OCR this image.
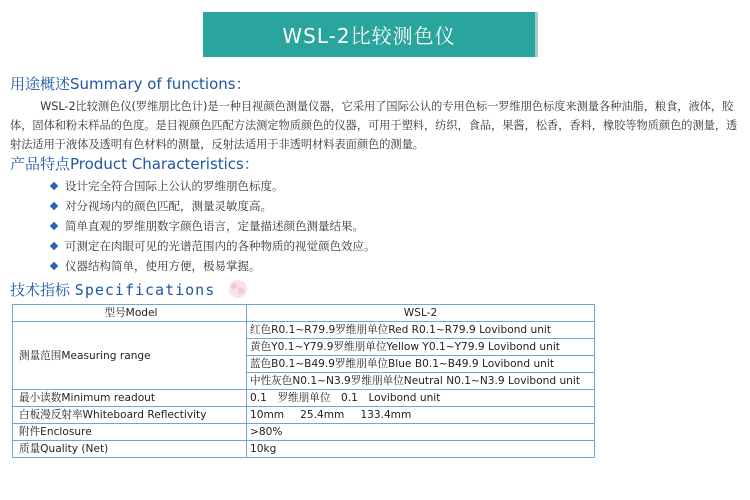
WSL-2比较测色仪
用途概述Summary of functions：
WSL-2比较测色仪(罗维朋比色计)是一种目视颜色测量仪器，它采用了国际公认的专用色标一罗维朋色标度来测量各种油脂，粮食，液体，胶体，固体和粉末样品的色度。是目视颜色匹配方法测定物质颜色的仪器，可用于塑料，纺织，食品，果酱，松香，香料，橡胶等物质颜色的测量，透射法适用于液体及透明有色材料的测量，反射法适用于非透明材料表面颜色的测量。
产品特点Product Characteristics：
设计完全符合国际上公认的罗维朋色标度。
对分视场内的颜色匹配，测量灵敏度高。
简单直观的罗维朋数字颜色语言，定量描述颜色测量结果。
可测定在肉眼可见的光谱范围内的各种物质的视觉颜色效应。
仪器结构简单，使用方便，极易掌握。
技术指标 Specifications
型号Model	WSL-2
测量范围Measuring range	红色R0.1~R79.9罗维朋单位Red R0.1~R79.9 Lovibond unit
	黄色Y0.1~Y79.9罗维朋单位Yellow Y0.1~Y79.9 Lovibond unit
	蓝色B0.1~B49.9罗维朋单位Blue B0.1~B49.9 Lovibond unit
	中性灰色N0.1~N3.9罗维朋单位Neutral N0.1~N3.9 Lovibond unit
最小读数Minimum readout	0.1　罗维朋单位　0.1　Lovibond unit
白板漫反射率Whiteboard Reflectivity	10mm 25.4mm 133.4mm
附件Enclosure	>80%
质量Quality (Net)	10kg
